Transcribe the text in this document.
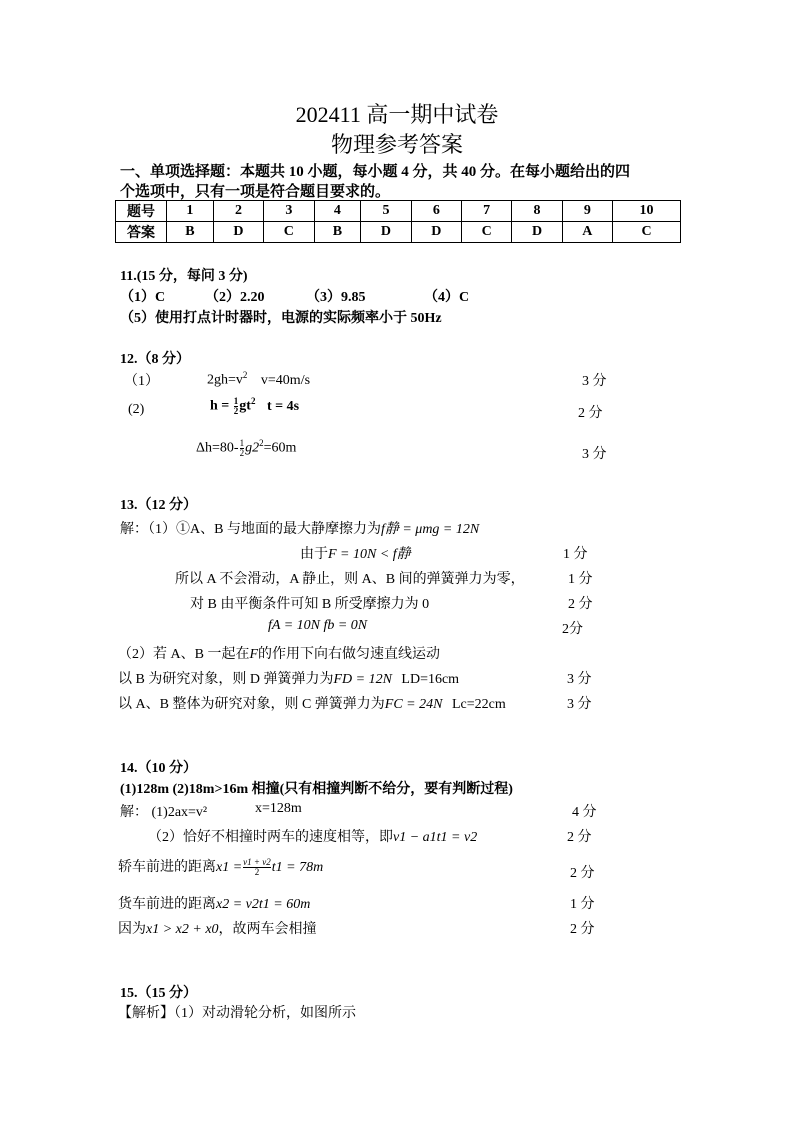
202411 高一期中试卷
物理参考答案
一、单项选择题：本题共 10 小题，每小题 4 分，共 40 分。在每小题给出的四
个选项中，只有一项是符合题目要求的。
题号	1	2	3	4	5	6	7	8	9	10
答案	B	D	C	B	D	D	C	D	A	C
11.(15 分，每问 3 分)
（1）C	（2）2.20	（3）9.85	（4）C
（5）使用打点计时器时，电源的实际频率小于 50Hz
12.（8 分）
（1）	$2gh=v^2$ v=40m/s	3 分
(2)	$h = \frac{1}{2} gt^2$ t = 4s	2 分
$\Delta h=80- \frac{1}{2} g2^2=60m$	3 分
13.（12 分）
解：（1）①A、B 与地面的最大静摩擦力为f静 = μmg = 12N
由于F = 10N < f静	1 分
所以 A 不会滑动，A 静止，则 A、B 间的弹簧弹力为零，	1 分
对 B 由平衡条件可知 B 所受摩擦力为 0	2 分
fA = 10N fb = 0N	2分
（2）若 A、B 一起在F的作用下向右做匀速直线运动
以 B 为研究对象，则 D 弹簧弹力为FD = 12N LD=16cm	3 分
以 A、B 整体为研究对象，则 C 弹簧弹力为FC = 24N Lc=22cm	3 分
14.（10 分）
(1)128m (2)18m>16m 相撞(只有相撞判断不给分，要有判断过程)
解： (1)2ax=v²	x=128m	4 分
（2）恰好不相撞时两车的速度相等，即v1 − a1t1 = v2	2 分
轿车前进的距离$x1 = \frac{v1 + v2}{2} t1 = 78m$	2 分
货车前进的距离x2 = v2t1 = 60m	1 分
因为x1 > x2 + x0，故两车会相撞	2 分
15.（15 分）
【解析】（1）对动滑轮分析，如图所示
